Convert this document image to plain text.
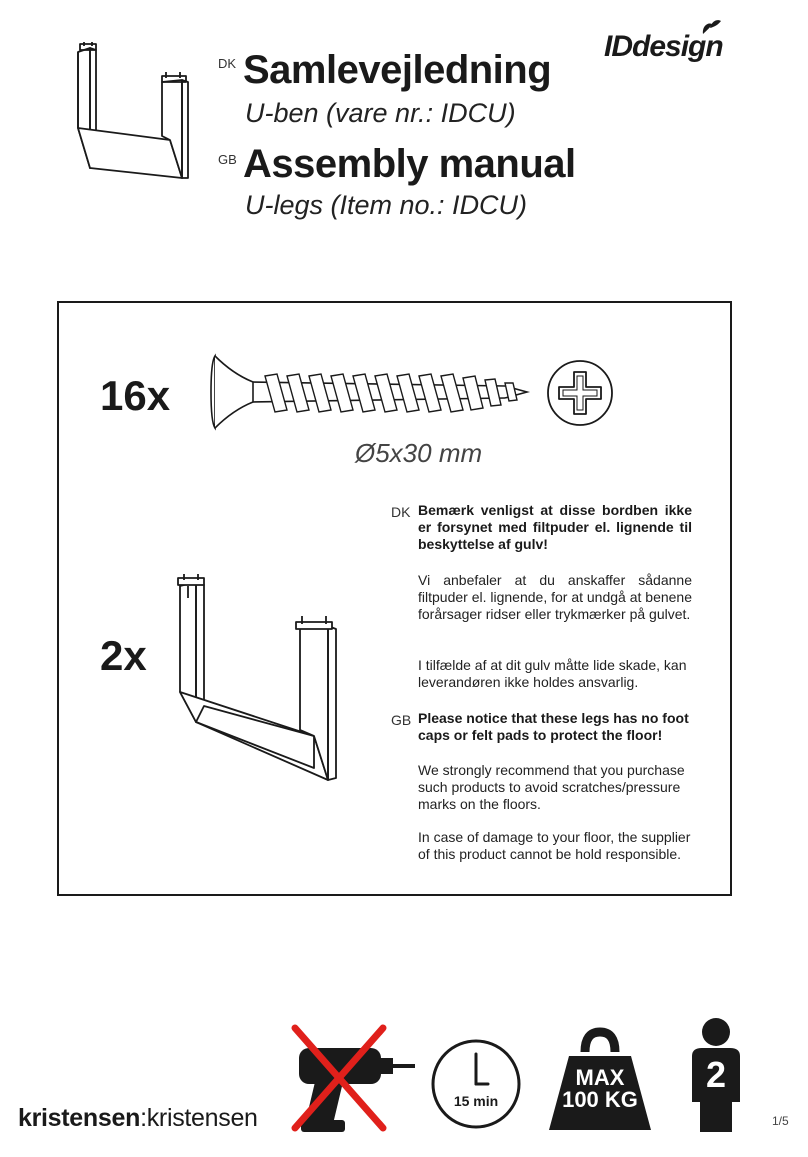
DK Samlevejledning
U-ben (vare nr.: IDCU)
GB Assembly manual
U-legs (Item no.: IDCU)
IDdesign
16x
Ø5x30 mm
2x
DK Bemærk venligst at disse bordben ikke er forsynet med filtpuder el. lignende til beskyttelse af gulv!
Vi anbefaler at du anskaffer sådanne filtpuder el. lignende, for at undgå at benene forårsager ridser eller trykmærker på gulvet.
I tilfælde af at dit gulv måtte lide skade, kan leverandøren ikke holdes ansvarlig.
GB Please notice that these legs has no foot caps or felt pads to protect the floor!
We strongly recommend that you purchase such products to avoid scratches/pressure marks on the floors.
In case of damage to your floor, the supplier of this product cannot be hold responsible.
kristensen:kristensen
15 min
MAX
100 KG
2
1/5
